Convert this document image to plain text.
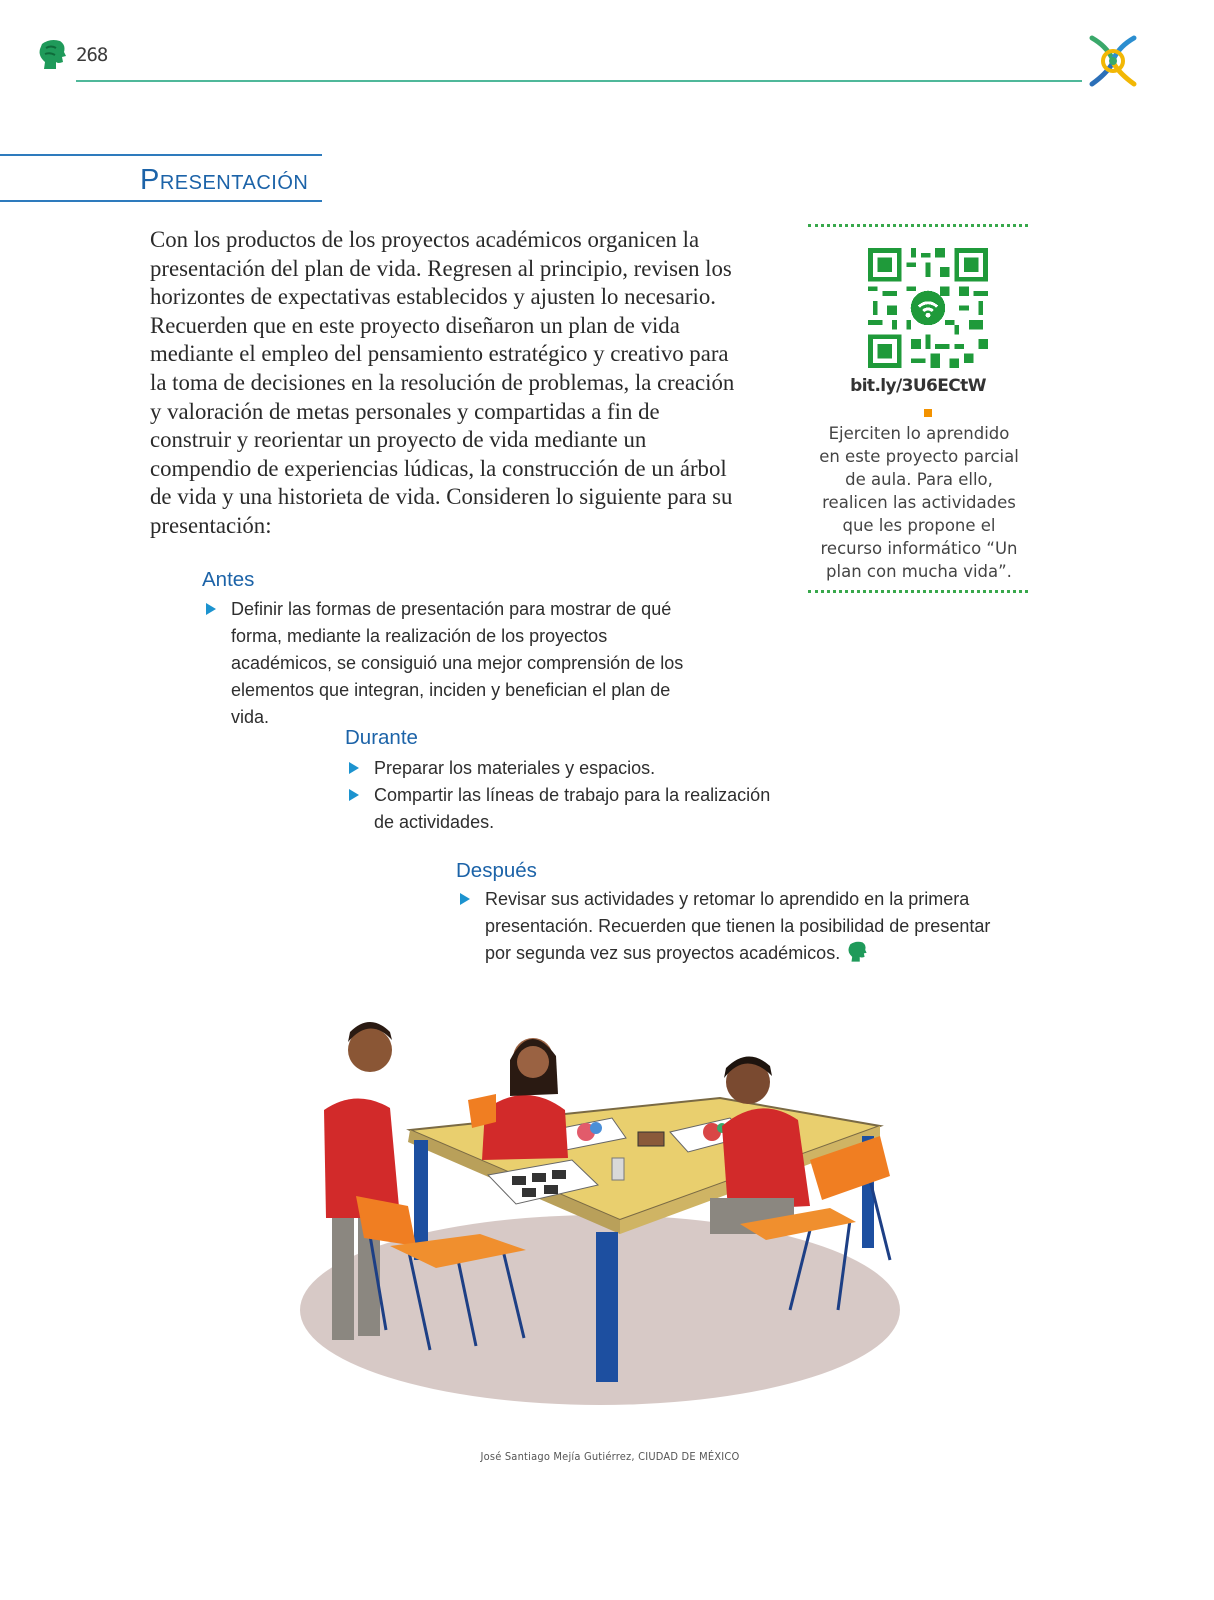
268
Presentación

Con los productos de los proyectos académicos organicen la presentación del plan de vida. Regresen al principio, revisen los horizontes de expectativas establecidos y ajusten lo necesario. Recuerden que en este proyecto diseñaron un plan de vida mediante el empleo del pensamiento estratégico y creativo para la toma de decisiones en la resolución de problemas, la creación y valoración de metas personales y compartidas a fin de construir y reorientar un proyecto de vida mediante un compendio de experiencias lúdicas, la construcción de un árbol de vida y una historieta de vida. Consideren lo siguiente para su presentación:

bit.ly/3U6ECtW

Ejerciten lo aprendido en este proyecto parcial de aula. Para ello, realicen las actividades que les propone el recurso informático “Un plan con mucha vida”.

Antes
Definir las formas de presentación para mostrar de qué forma, mediante la realización de los proyectos académicos, se consiguió una mejor comprensión de los elementos que integran, inciden y benefician el plan de vida.
Durante
Preparar los materiales y espacios.
Compartir las líneas de trabajo para la realización de actividades.
Después
Revisar sus actividades y retomar lo aprendido en la primera presentación. Recuerden que tienen la posibilidad de presentar por segunda vez sus proyectos académicos.
José Santiago Mejía Gutiérrez, CIUDAD DE MÉXICO
